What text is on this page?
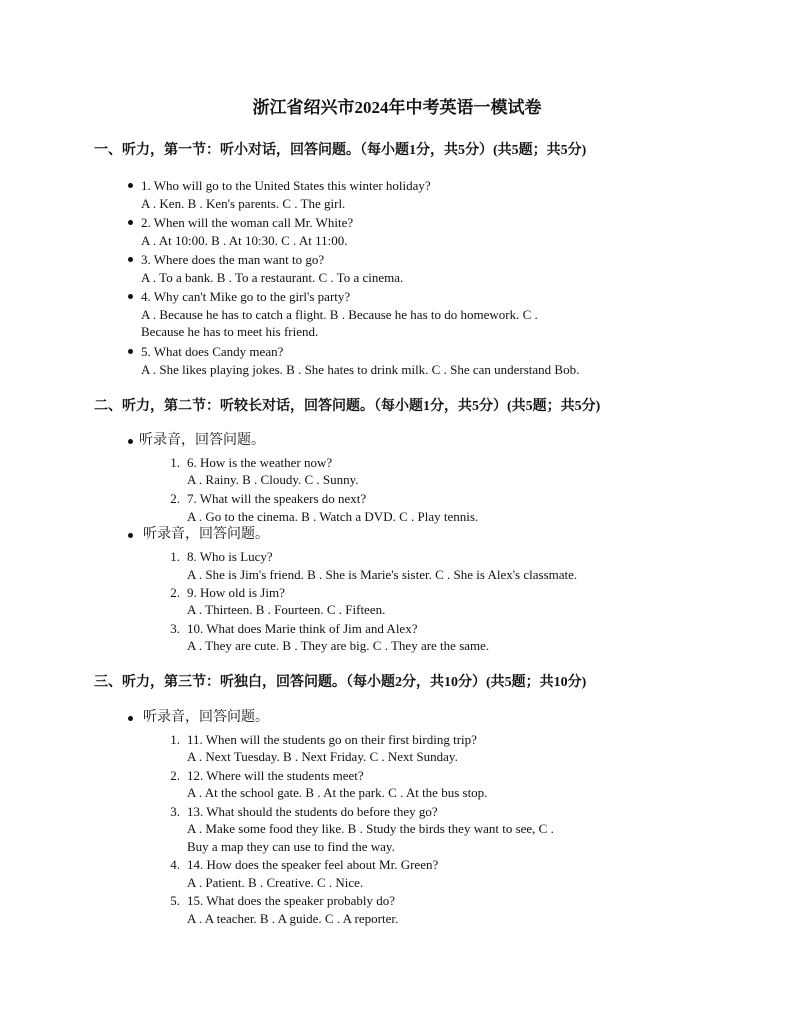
浙江省绍兴市2024年中考英语一模试卷
一、听力，第一节：听小对话，回答问题。（每小题1分，共5分）(共5题；共5分)
1. Who will go to the United States this winter holiday?
A . Ken. B . Ken's parents. C . The girl.
2. When will the woman call Mr. White?
A . At 10:00. B . At 10:30. C . At 11:00.
3. Where does the man want to go?
A . To a bank. B . To a restaurant. C . To a cinema.
4. Why can't Mike go to the girl's party?
A . Because he has to catch a flight. B . Because he has to do homework. C .
Because he has to meet his friend.
5. What does Candy mean?
A . She likes playing jokes. B . She hates to drink milk. C . She can understand Bob.
二、听力，第二节：听较长对话，回答问题。（每小题1分，共5分）(共5题；共5分)
听录音，回答问题。
1. 6. How is the weather now?
A . Rainy. B . Cloudy. C . Sunny.
2. 7. What will the speakers do next?
A . Go to the cinema. B . Watch a DVD. C . Play tennis.
听录音，回答问题。
1. 8. Who is Lucy?
A . She is Jim's friend. B . She is Marie's sister. C . She is Alex's classmate.
2. 9. How old is Jim?
A . Thirteen. B . Fourteen. C . Fifteen.
3. 10. What does Marie think of Jim and Alex?
A . They are cute. B . They are big. C . They are the same.
三、听力，第三节：听独白，回答问题。（每小题2分，共10分）(共5题；共10分)
听录音，回答问题。
1. 11. When will the students go on their first birding trip?
A . Next Tuesday. B . Next Friday. C . Next Sunday.
2. 12. Where will the students meet?
A . At the school gate. B . At the park. C . At the bus stop.
3. 13. What should the students do before they go?
A . Make some food they like. B . Study the birds they want to see, C .
Buy a map they can use to find the way.
4. 14. How does the speaker feel about Mr. Green?
A . Patient. B . Creative. C . Nice.
5. 15. What does the speaker probably do?
A . A teacher. B . A guide. C . A reporter.
